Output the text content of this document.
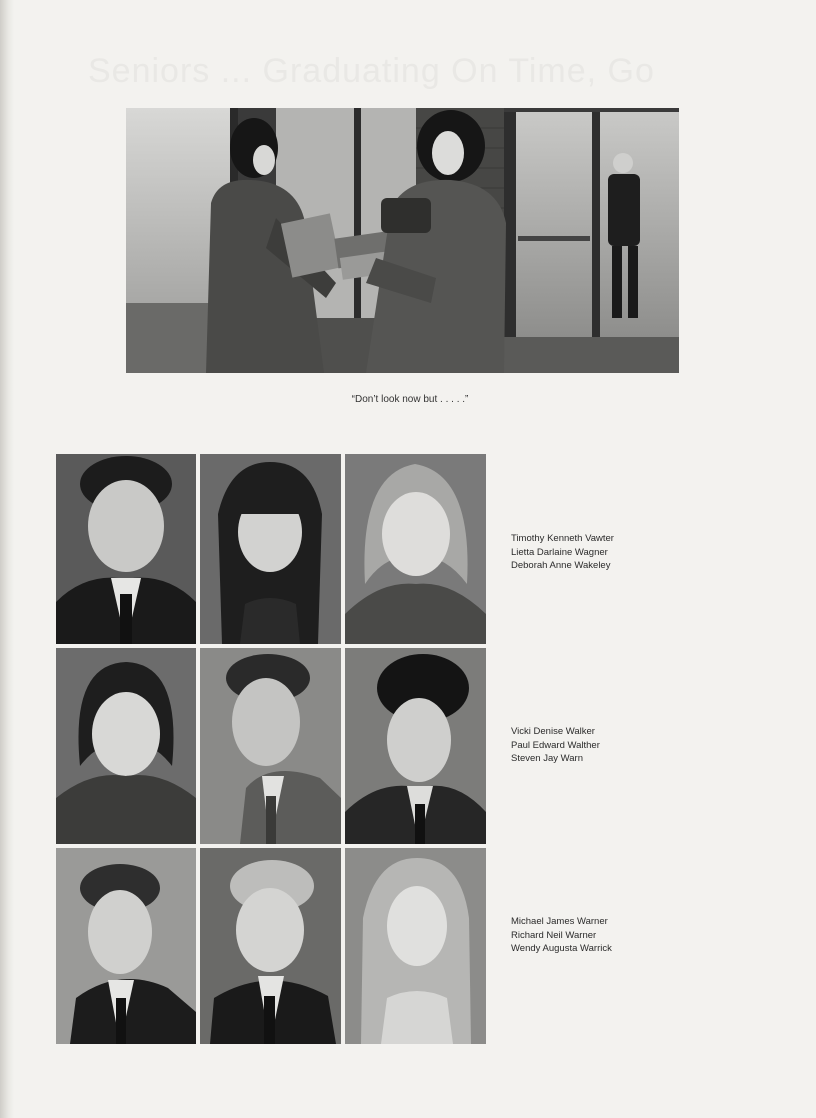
Seniors ... Graduating On Time, Go
“Don’t look now but . . . . .”
Timothy Kenneth Vawter
Lietta Darlaine Wagner
Deborah Anne Wakeley
Vicki Denise Walker
Paul Edward Walther
Steven Jay Warn
Michael James Warner
Richard Neil Warner
Wendy Augusta Warrick
